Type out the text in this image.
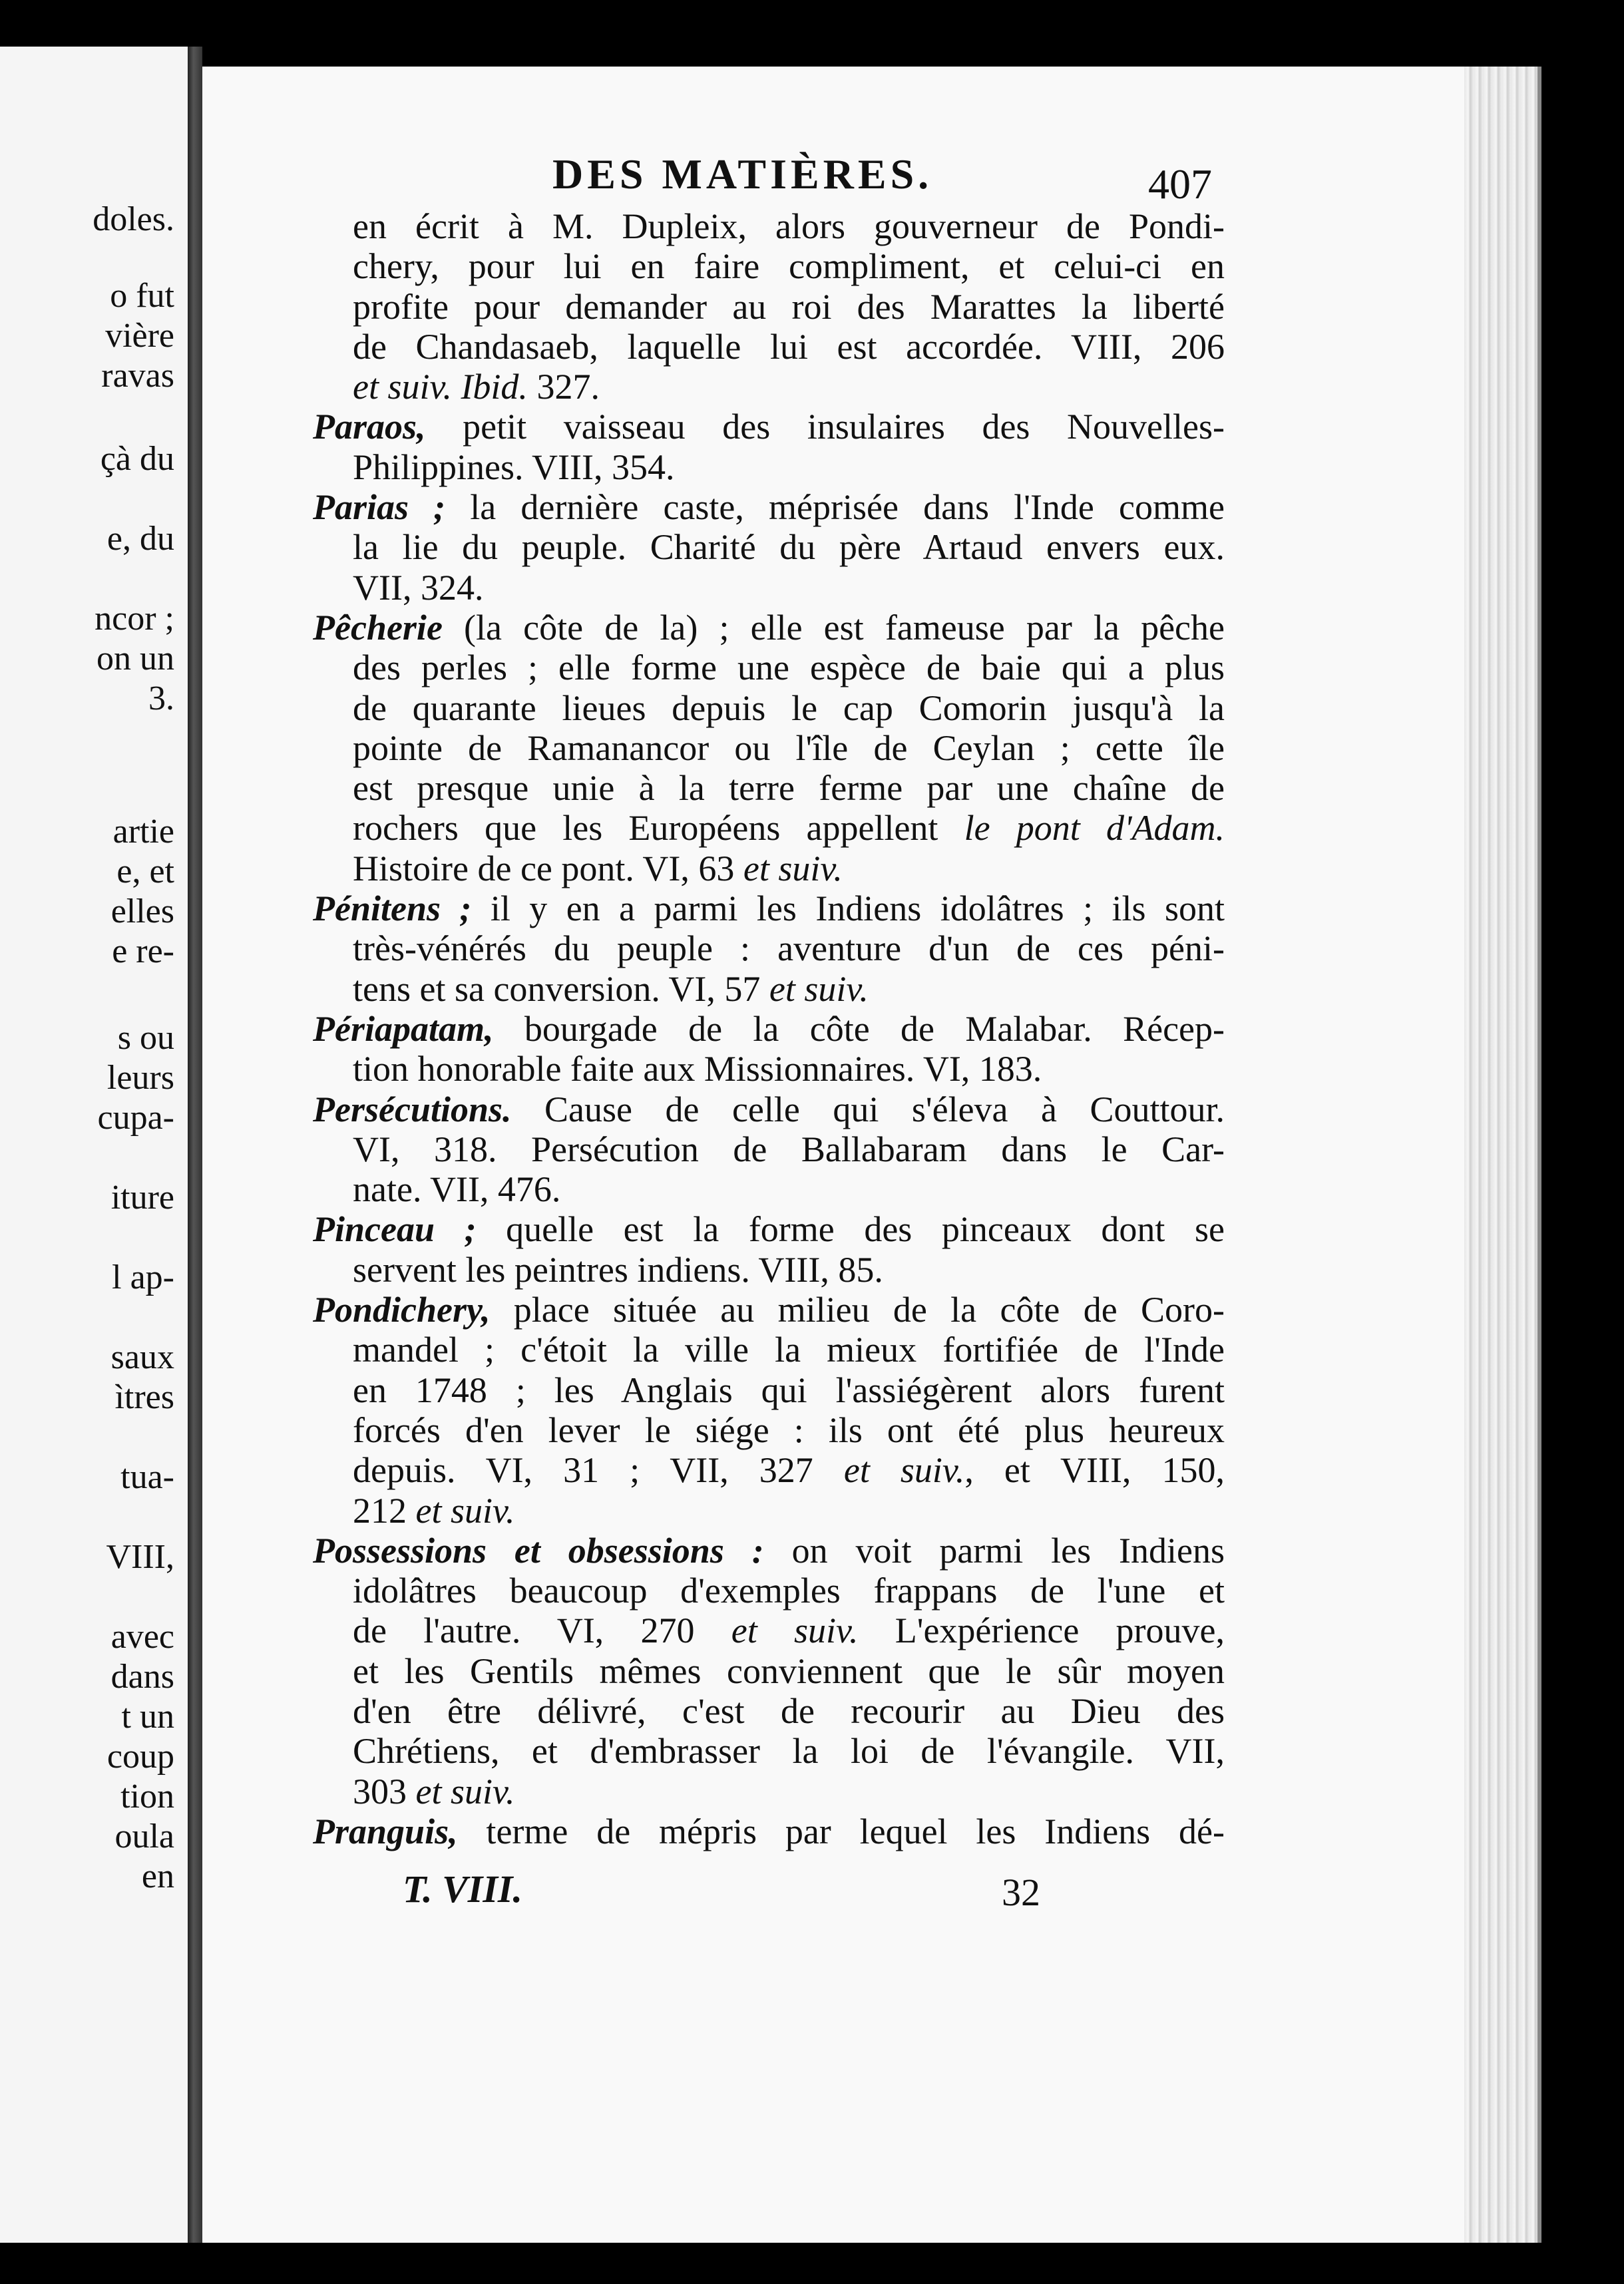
doles.
o fut
vière
ravas
çà du
e, du
ncor ;
on un
3.
artie
e, et
elles
e re-
s ou
leurs
cupa-
iture
l ap-
saux
ìtres
tua-
VIII,
avec
dans
t un
coup
tion
oula
en
DES MATIÈRES.	407
en écrit à M. Dupleix, alors gouverneur de Pondi-
chery, pour lui en faire compliment, et celui-ci en
profite pour demander au roi des Marattes la liberté
de Chandasaeb, laquelle lui est accordée. VIII, 206
et suiv. Ibid. 327.
Paraos, petit vaisseau des insulaires des Nouvelles-
Philippines. VIII, 354.
Parias ; la dernière caste, méprisée dans l'Inde comme
la lie du peuple. Charité du père Artaud envers eux.
VII, 324.
Pêcherie (la côte de la) ; elle est fameuse par la pêche
des perles ; elle forme une espèce de baie qui a plus
de quarante lieues depuis le cap Comorin jusqu'à la
pointe de Ramanancor ou l'île de Ceylan ; cette île
est presque unie à la terre ferme par une chaîne de
rochers que les Européens appellent le pont d'Adam.
Histoire de ce pont. VI, 63 et suiv.
Pénitens ; il y en a parmi les Indiens idolâtres ; ils sont
très-vénérés du peuple : aventure d'un de ces péni-
tens et sa conversion. VI, 57 et suiv.
Périapatam, bourgade de la côte de Malabar. Récep-
tion honorable faite aux Missionnaires. VI, 183.
Persécutions. Cause de celle qui s'éleva à Couttour.
VI, 318. Persécution de Ballabaram dans le Car-
nate. VII, 476.
Pinceau ; quelle est la forme des pinceaux dont se
servent les peintres indiens. VIII, 85.
Pondichery, place située au milieu de la côte de Coro-
mandel ; c'étoit la ville la mieux fortifiée de l'Inde
en 1748 ; les Anglais qui l'assiégèrent alors furent
forcés d'en lever le siége : ils ont été plus heureux
depuis. VI, 31 ; VII, 327 et suiv., et VIII, 150,
212 et suiv.
Possessions et obsessions : on voit parmi les Indiens
idolâtres beaucoup d'exemples frappans de l'une et
de l'autre. VI, 270 et suiv. L'expérience prouve,
et les Gentils mêmes conviennent que le sûr moyen
d'en être délivré, c'est de recourir au Dieu des
Chrétiens, et d'embrasser la loi de l'évangile. VII,
303 et suiv.
Pranguis, terme de mépris par lequel les Indiens dé-
T. VIII.	32
